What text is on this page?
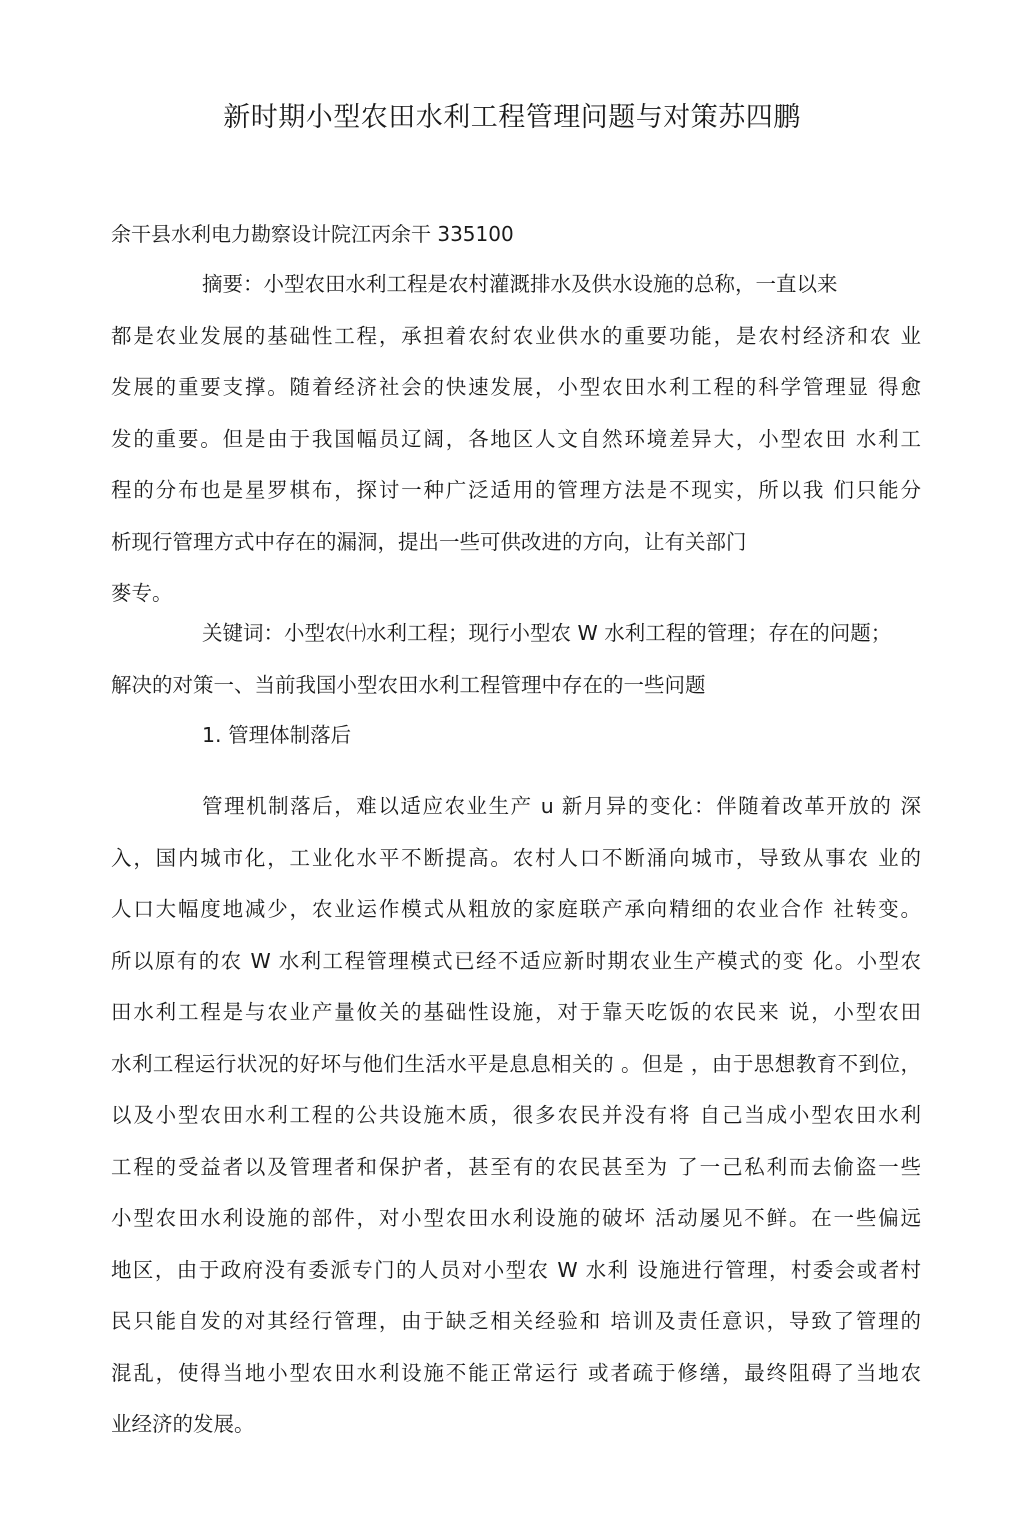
新时期小型农田水利工程管理问题与对策苏四鹏
余干县水利电力勘察设计院江丙余干 335100
摘要：小型农田水利工程是农村灌溉排水及供水设施的总称，一直以来
都是农业发展的基础性工程，承担着农紂农业供水的重要功能，是农村经济和农 业
发展的重要支撑。随着经济社会的快速发展，小型农田水利工程的科学管理显 得愈
发的重要。但是由于我国幅员辽阔，各地区人文自然环境差异大，小型农田 水利工
程的分布也是星罗棋布，探讨一种广泛适用的管理方法是不现实，所以我 们只能分
析现行管理方式中存在的漏洞，提出一些可供改进的方向，让有关部门
麥专。
关键词：小型农㈩水利工程；现行小型农 W 水利工程的管理；存在的问题；
解决的对策一、当前我国小型农田水利工程管理中存在的一些问题
1. 管理体制落后
管理机制落后，难以适应农业生产 u 新月异的变化：伴随着改革开放的 深
入，国内城市化，工业化水平不断提高。农村人口不断涌向城市，导致从事农 业的
人口大幅度地减少，农业运作模式从粗放的家庭联产承向精细的农业合作 社转变。
所以原有的农 W 水利工程管理模式已经不适应新时期农业生产模式的变 化。小型农
田水利工程是与农业产量攸关的基础性设施，对于靠天吃饭的农民来 说，小型农田
水利工程运行状况的好坏与他们生活水平是息息相关的 。但是 ，由于思想教育不到位，
以及小型农田水利工程的公共设施木质，很多农民并没有将 自己当成小型农田水利
工程的受益者以及管理者和保护者，甚至有的农民甚至为 了一己私利而去偷盗一些
小型农田水利设施的部件，对小型农田水利设施的破坏 活动屡见不鲜。在一些偏远
地区，由于政府没有委派专门的人员对小型农 W 水利 设施进行管理，村委会或者村
民只能自发的对其经行管理，由于缺乏相关经验和 培训及责任意识，导致了管理的
混乱，使得当地小型农田水利设施不能正常运行 或者疏于修缮，最终阻碍了当地农
业经济的发展。
